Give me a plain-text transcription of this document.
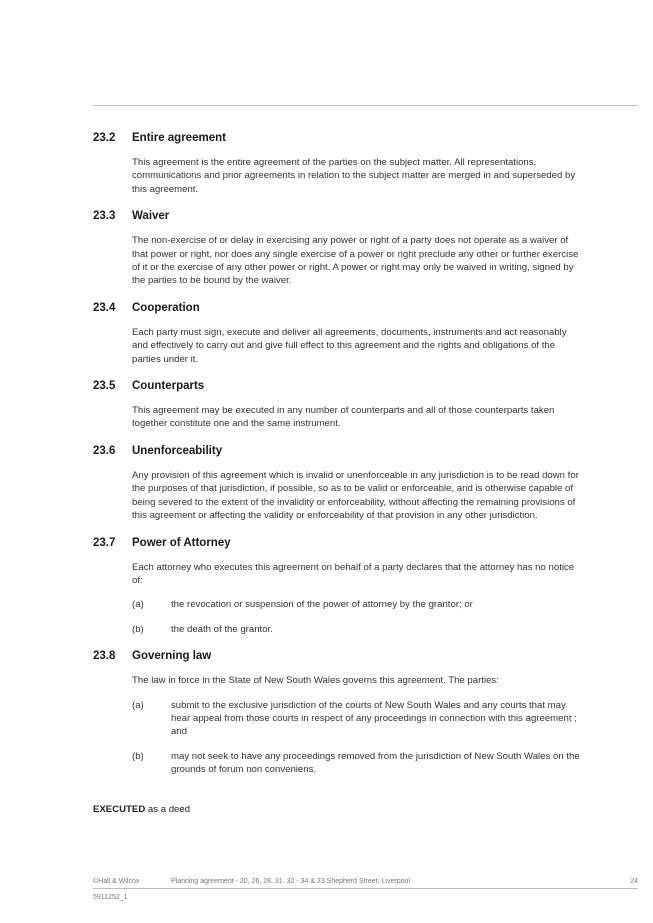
23.2	Entire agreement

This agreement is the entire agreement of the parties on the subject matter. All representations, communications and prior agreements in relation to the subject matter are merged in and superseded by this agreement.

23.3	Waiver

The non-exercise of or delay in exercising any power or right of a party does not operate as a waiver of that power or right, nor does any single exercise of a power or right preclude any other or further exercise of it or the exercise of any other power or right. A power or right may only be waived in writing, signed by the parties to be bound by the waiver.

23.4	Cooperation

Each party must sign, execute and deliver all agreements, documents, instruments and act reasonably and effectively to carry out and give full effect to this agreement and the rights and obligations of the parties under it.

23.5	Counterparts

This agreement may be executed in any number of counterparts and all of those counterparts taken together constitute one and the same instrument.

23.6	Unenforceability

Any provision of this agreement which is invalid or unenforceable in any jurisdiction is to be read down for the purposes of that jurisdiction, if possible, so as to be valid or enforceable, and is otherwise capable of being severed to the extent of the invalidity or enforceability, without affecting the remaining provisions of this agreement or affecting the validity or enforceability of that provision in any other jurisdiction.

23.7	Power of Attorney

Each attorney who executes this agreement on behalf of a party declares that the attorney has no notice of:

(a)	the revocation or suspension of the power of attorney by the grantor; or
(b)	the death of the grantor.
23.8	Governing law

The law in force in the State of New South Wales governs this agreement. The parties:

(a)	submit to the exclusive jurisdiction of the courts of New South Wales and any courts that may hear appeal from those courts in respect of any proceedings in connection with this agreement ; and
(b)	may not seek to have any proceedings removed from the jurisdiction of New South Wales on the grounds of forum non conveniens.
EXECUTED as a deed
©Hall & Wilcox	Planning agreement - 20, 26, 28, 31, 32 - 34 & 33 Shepherd Street, Liverpool	24
5911252_1
